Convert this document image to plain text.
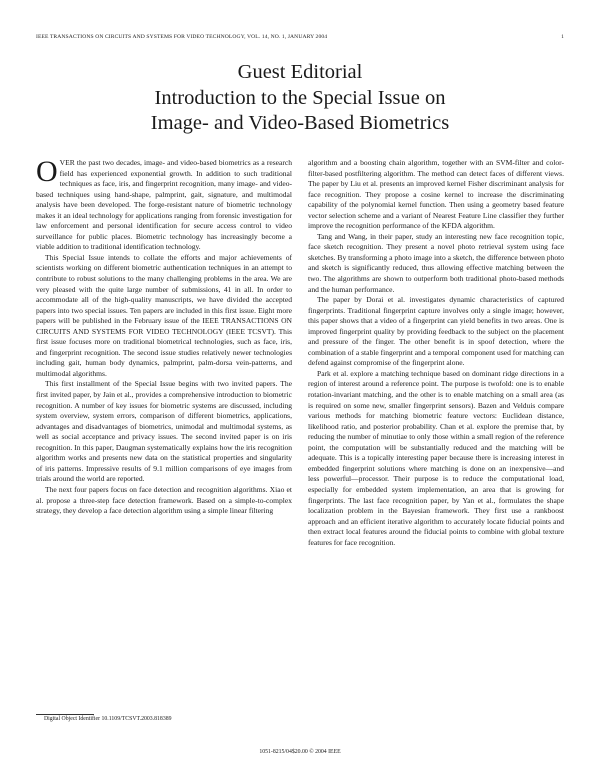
IEEE TRANSACTIONS ON CIRCUITS AND SYSTEMS FOR VIDEO TECHNOLOGY, VOL. 14, NO. 1, JANUARY 2004	1
Guest Editorial
Introduction to the Special Issue on
Image- and Video-Based Biometrics

OVER the past two decades, image- and video-based biometrics as a research field has experienced exponential growth. In addition to such traditional techniques as face, iris, and fingerprint recognition, many image- and video-based techniques using hand-shape, palmprint, gait, signature, and multimodal analysis have been developed. The forge-resistant nature of biometric technology makes it an ideal technology for applications ranging from forensic investigation for law enforcement and personal identification for secure access control to video surveillance for public places. Biometric technology has increasingly become a viable addition to traditional identification technology.

This Special Issue intends to collate the efforts and major achievements of scientists working on different biometric authentication techniques in an attempt to contribute to robust solutions to the many challenging problems in the area. We are very pleased with the quite large number of submissions, 41 in all. In order to accommodate all of the high-quality manuscripts, we have divided the accepted papers into two special issues. Ten papers are included in this first issue. Eight more papers will be published in the February issue of the IEEE TRANSACTIONS ON CIRCUITS AND SYSTEMS FOR VIDEO TECHNOLOGY (IEEE TCSVT). This first issue focuses more on traditional biometrical technologies, such as face, iris, and fingerprint recognition. The second issue studies relatively newer technologies including gait, human body dynamics, palmprint, palm-dorsa vein-patterns, and multimodal algorithms.

This first installment of the Special Issue begins with two invited papers. The first invited paper, by Jain et al., provides a comprehensive introduction to biometric recognition. A number of key issues for biometric systems are discussed, including system overview, system errors, comparison of different biometrics, applications, advantages and disadvantages of biometrics, unimodal and multimodal systems, as well as social acceptance and privacy issues. The second invited paper is on iris recognition. In this paper, Daugman systematically explains how the iris recognition algorithm works and presents new data on the statistical properties and singularity of iris patterns. Impressive results of 9.1 million comparisons of eye images from trials around the world are reported.

The next four papers focus on face detection and recognition algorithms. Xiao et al. propose a three-step face detection framework. Based on a simple-to-complex strategy, they develop a face detection algorithm using a simple linear filtering

algorithm and a boosting chain algorithm, together with an SVM-filter and color-filter-based postfiltering algorithm. The method can detect faces of different views. The paper by Liu et al. presents an improved kernel Fisher discriminant analysis for face recognition. They propose a cosine kernel to increase the discriminating capability of the polynomial kernel function. Then using a geometry based feature vector selection scheme and a variant of Nearest Feature Line classifier they further improve the recognition performance of the KFDA algorithm.

Tang and Wang, in their paper, study an interesting new face recognition topic, face sketch recognition. They present a novel photo retrieval system using face sketches. By transforming a photo image into a sketch, the difference between photo and sketch is significantly reduced, thus allowing effective matching between the two. The algorithms are shown to outperform both traditional photo-based methods and the human performance.

The paper by Dorai et al. investigates dynamic characteristics of captured fingerprints. Traditional fingerprint capture involves only a single image; however, this paper shows that a video of a fingerprint can yield benefits in two areas. One is improved fingerprint quality by providing feedback to the subject on the placement and pressure of the finger. The other benefit is in spoof detection, where the combination of a stable fingerprint and a temporal component used for matching can defend against compromise of the fingerprint alone.

Park et al. explore a matching technique based on dominant ridge directions in a region of interest around a reference point. The purpose is twofold: one is to enable rotation-invariant matching, and the other is to enable matching on a small area (as is required on some new, smaller fingerprint sensors). Bazen and Velduis compare various methods for matching biometric feature vectors: Euclidean distance, likelihood ratio, and posterior probability. Chan et al. explore the premise that, by reducing the number of minutiae to only those within a small region of the reference point, the computation will be substantially reduced and the matching will be adequate. This is a topically interesting paper because there is increasing interest in embedded fingerprint solutions where matching is done on an inexpensive—and less powerful—processor. Their purpose is to reduce the computational load, especially for embedded system implementation, an area that is growing for fingerprints. The last face recognition paper, by Yan et al., formulates the shape localization problem in the Bayesian framework. They first use a rankboost approach and an efficient iterative algorithm to accurately locate fiducial points and then extract local features around the fiducial points to combine with global texture features for face recognition.

Digital Object Identifier 10.1109/TCSVT.2003.818389
1051-8215/04$20.00 © 2004 IEEE
